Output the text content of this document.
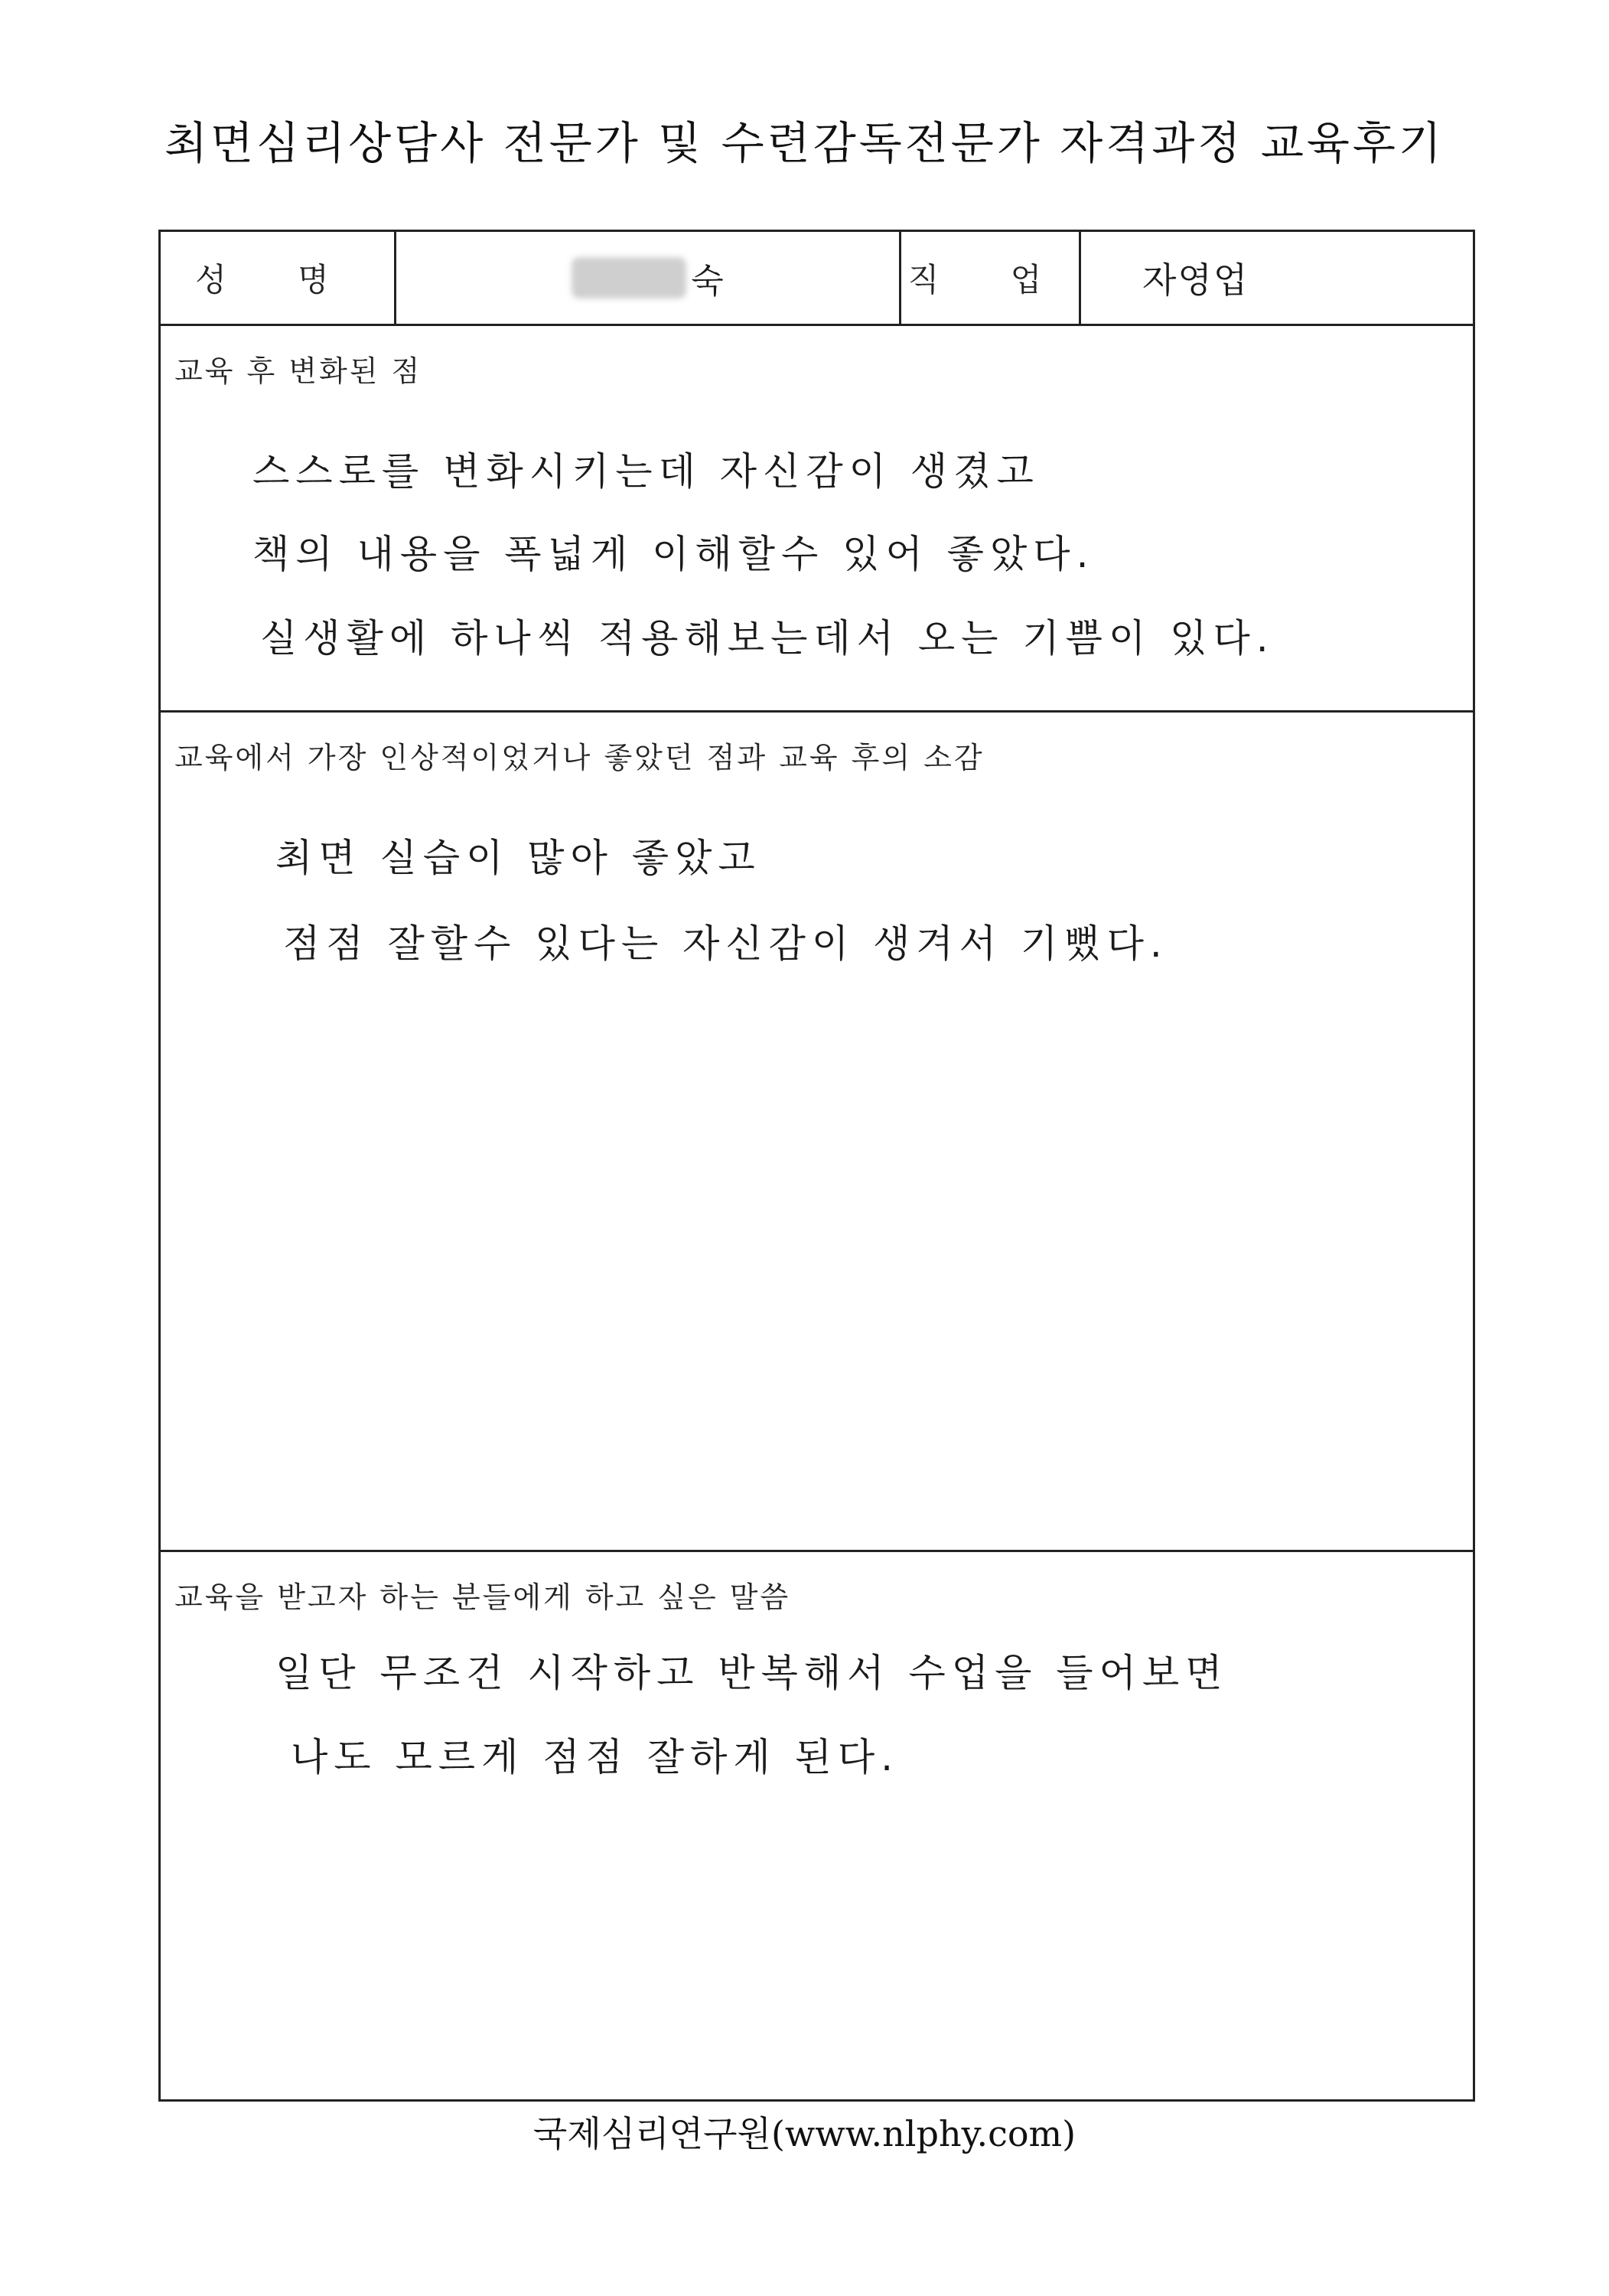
최면심리상담사 전문가 및 수련감독전문가 자격과정 교육후기
성 명	숙	직 업 자영업
교육 후 변화된 점
스스로를 변화시키는데 자신감이 생겼고
책의 내용을 폭넓게 이해할수 있어 좋았다.
실생활에 하나씩 적용해보는데서 오는 기쁨이 있다.
교육에서 가장 인상적이었거나 좋았던 점과 교육 후의 소감
최면 실습이 많아 좋았고
점점 잘할수 있다는 자신감이 생겨서 기뻤다.
교육을 받고자 하는 분들에게 하고 싶은 말씀
일단 무조건 시작하고 반복해서 수업을 들어보면
나도 모르게 점점 잘하게 된다.
국제심리연구원(www.nlphy.com)
